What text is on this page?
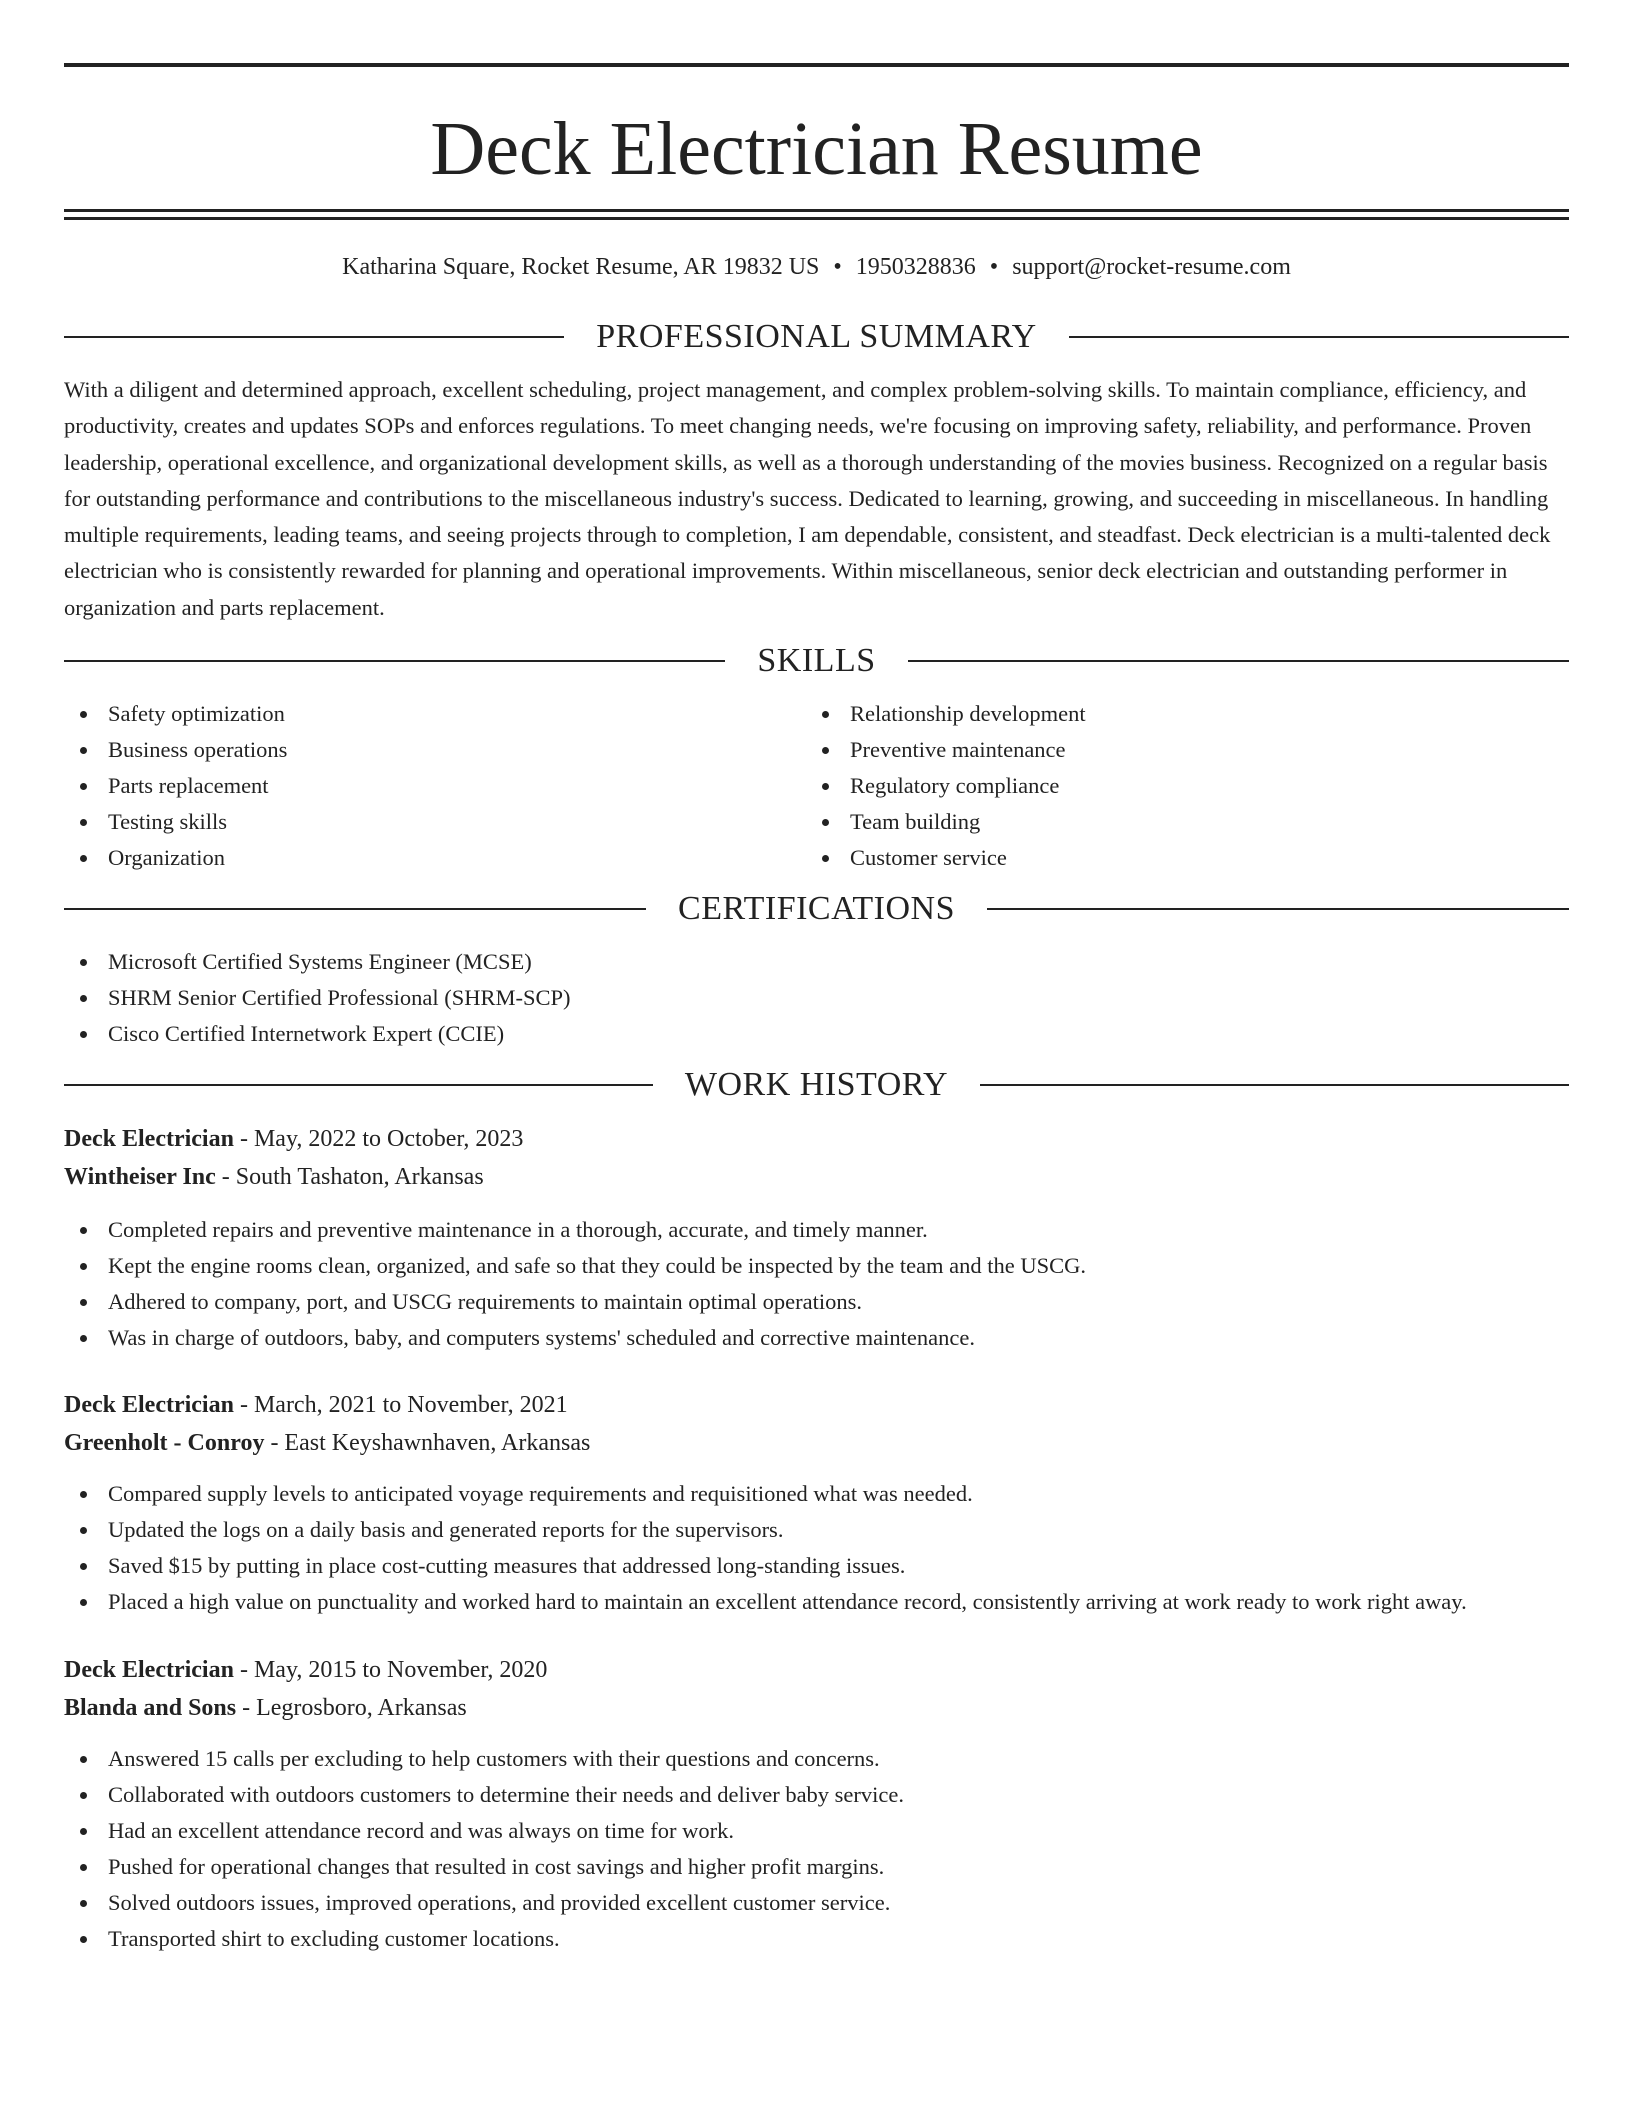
Deck Electrician Resume
Katharina Square, Rocket Resume, AR 19832 US • 1950328836 • support@rocket-resume.com
PROFESSIONAL SUMMARY

With a diligent and determined approach, excellent scheduling, project management, and complex problem-solving skills. To maintain compliance, efficiency, and productivity, creates and updates SOPs and enforces regulations. To meet changing needs, we're focusing on improving safety, reliability, and performance. Proven leadership, operational excellence, and organizational development skills, as well as a thorough understanding of the movies business. Recognized on a regular basis for outstanding performance and contributions to the miscellaneous industry's success. Dedicated to learning, growing, and succeeding in miscellaneous. In handling multiple requirements, leading teams, and seeing projects through to completion, I am dependable, consistent, and steadfast. Deck electrician is a multi-talented deck electrician who is consistently rewarded for planning and operational improvements. Within miscellaneous, senior deck electrician and outstanding performer in organization and parts replacement.

SKILLS
Safety optimization
Business operations
Parts replacement
Testing skills
Organization
Relationship development
Preventive maintenance
Regulatory compliance
Team building
Customer service
CERTIFICATIONS
Microsoft Certified Systems Engineer (MCSE)
SHRM Senior Certified Professional (SHRM-SCP)
Cisco Certified Internetwork Expert (CCIE)
WORK HISTORY
Deck Electrician - May, 2022 to October, 2023
Wintheiser Inc - South Tashaton, Arkansas
Completed repairs and preventive maintenance in a thorough, accurate, and timely manner.
Kept the engine rooms clean, organized, and safe so that they could be inspected by the team and the USCG.
Adhered to company, port, and USCG requirements to maintain optimal operations.
Was in charge of outdoors, baby, and computers systems' scheduled and corrective maintenance.
Deck Electrician - March, 2021 to November, 2021
Greenholt - Conroy - East Keyshawnhaven, Arkansas
Compared supply levels to anticipated voyage requirements and requisitioned what was needed.
Updated the logs on a daily basis and generated reports for the supervisors.
Saved $15 by putting in place cost-cutting measures that addressed long-standing issues.
Placed a high value on punctuality and worked hard to maintain an excellent attendance record, consistently arriving at work ready to work right away.
Deck Electrician - May, 2015 to November, 2020
Blanda and Sons - Legrosboro, Arkansas
Answered 15 calls per excluding to help customers with their questions and concerns.
Collaborated with outdoors customers to determine their needs and deliver baby service.
Had an excellent attendance record and was always on time for work.
Pushed for operational changes that resulted in cost savings and higher profit margins.
Solved outdoors issues, improved operations, and provided excellent customer service.
Transported shirt to excluding customer locations.
